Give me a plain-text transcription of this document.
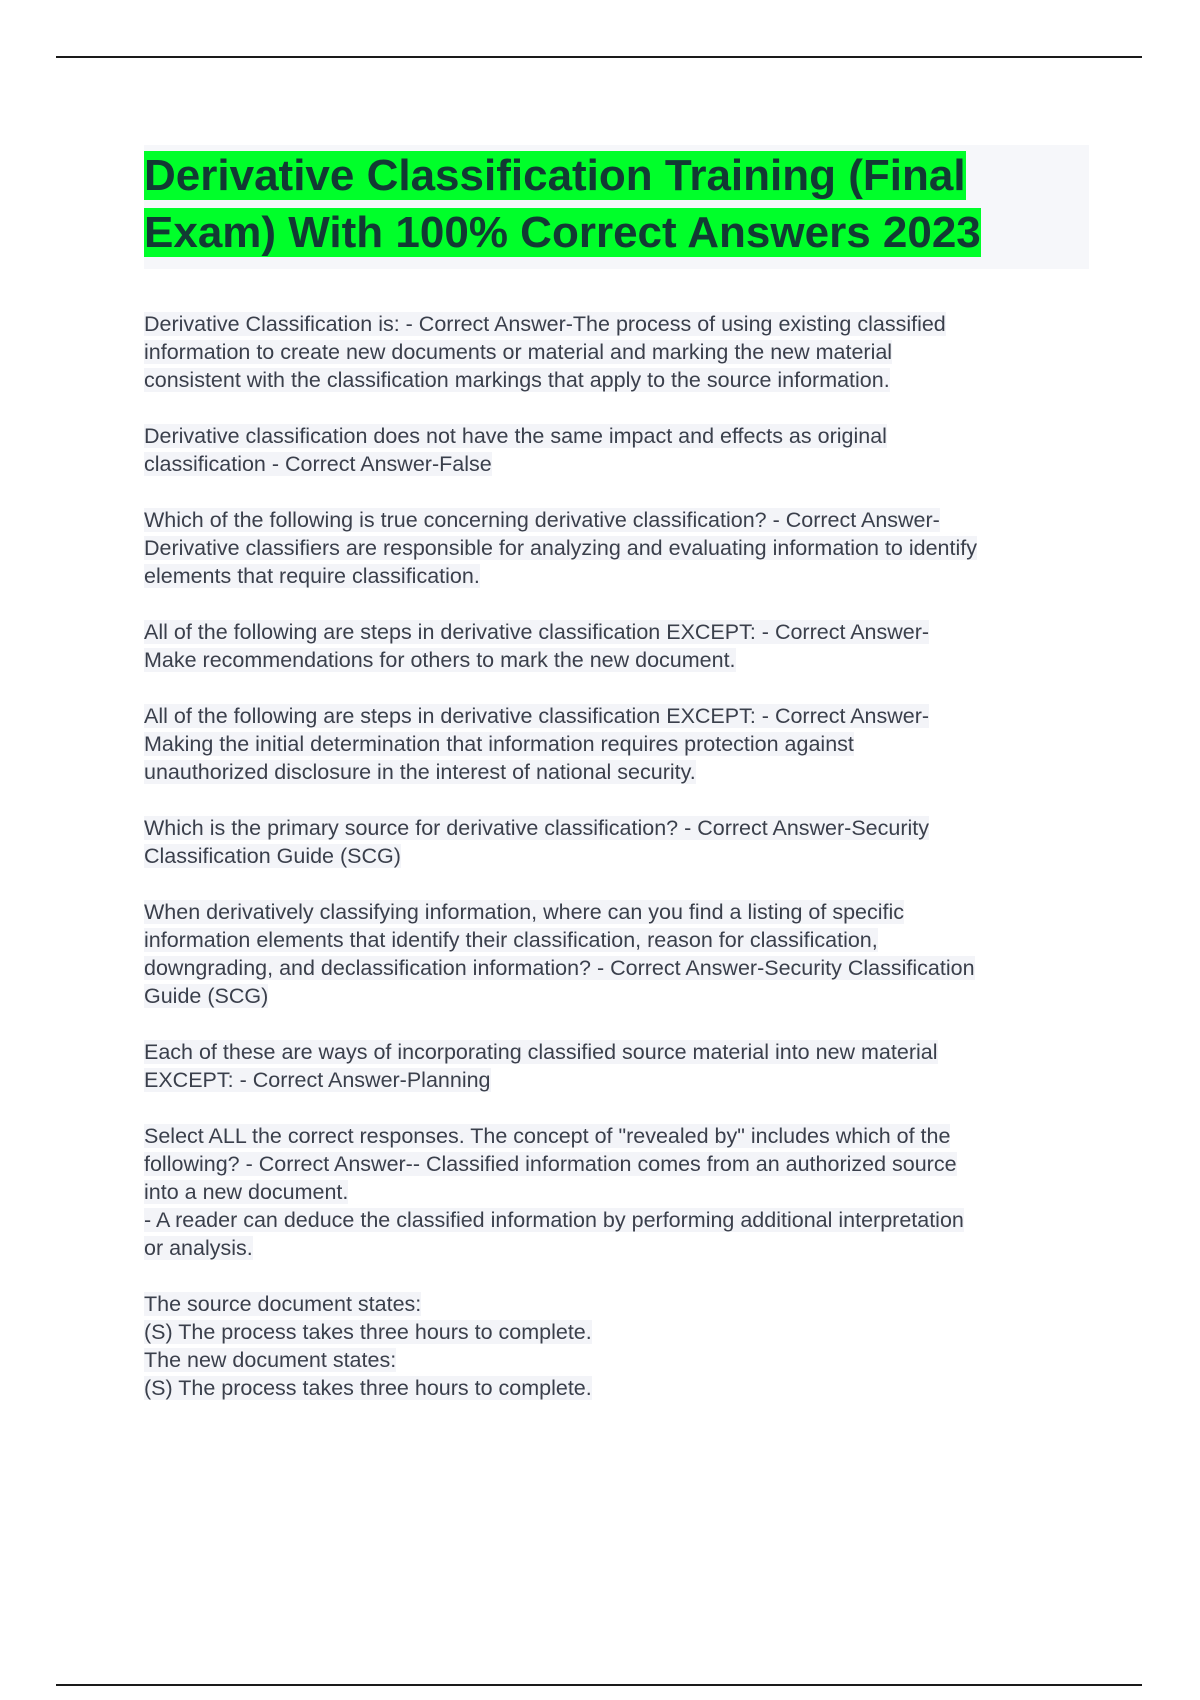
Derivative Classification Training (Final Exam) With 100% Correct Answers 2023
Derivative Classification is: - Correct Answer-The process of using existing classified
information to create new documents or material and marking the new material
consistent with the classification markings that apply to the source information.
Derivative classification does not have the same impact and effects as original
classification - Correct Answer-False
Which of the following is true concerning derivative classification? - Correct Answer-
Derivative classifiers are responsible for analyzing and evaluating information to identify
elements that require classification.
All of the following are steps in derivative classification EXCEPT: - Correct Answer-
Make recommendations for others to mark the new document.
All of the following are steps in derivative classification EXCEPT: - Correct Answer-
Making the initial determination that information requires protection against
unauthorized disclosure in the interest of national security.
Which is the primary source for derivative classification? - Correct Answer-Security
Classification Guide (SCG)
When derivatively classifying information, where can you find a listing of specific
information elements that identify their classification, reason for classification,
downgrading, and declassification information? - Correct Answer-Security Classification
Guide (SCG)
Each of these are ways of incorporating classified source material into new material
EXCEPT: - Correct Answer-Planning
Select ALL the correct responses. The concept of "revealed by" includes which of the
following? - Correct Answer-- Classified information comes from an authorized source
into a new document.
- A reader can deduce the classified information by performing additional interpretation
or analysis.
The source document states:
(S) The process takes three hours to complete.
The new document states:
(S) The process takes three hours to complete.
